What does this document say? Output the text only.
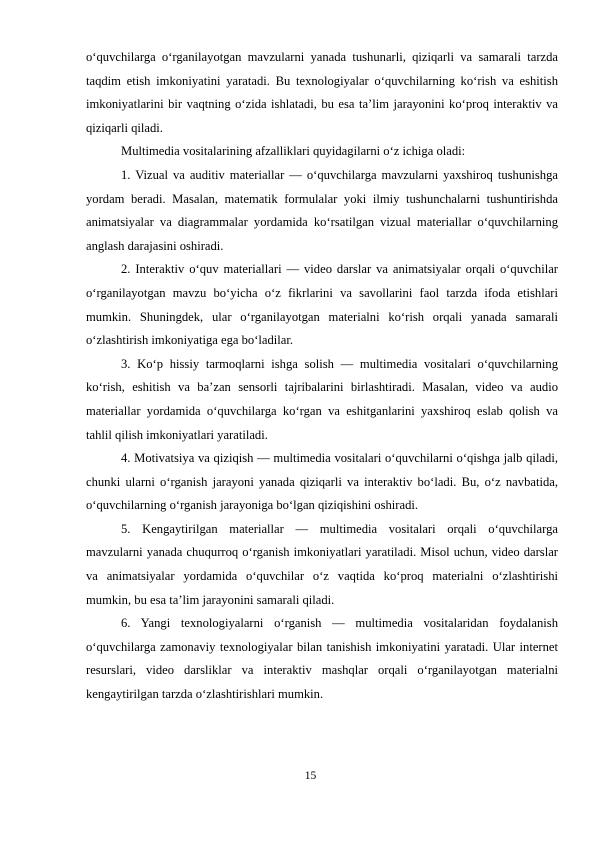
o‘quvchilarga o‘rganilayotgan mavzularni yanada tushunarli, qiziqarli va samarali tarzda taqdim etish imkoniyatini yaratadi. Bu texnologiyalar o‘quvchilarning ko‘rish va eshitish imkoniyatlarini bir vaqtning o‘zida ishlatadi, bu esa ta’lim jarayonini ko‘proq interaktiv va qiziqarli qiladi.

Multimedia vositalarining afzalliklari quyidagilarni o‘z ichiga oladi:

1. Vizual va auditiv materiallar — o‘quvchilarga mavzularni yaxshiroq tushunishga yordam beradi. Masalan, matematik formulalar yoki ilmiy tushunchalarni tushuntirishda animatsiyalar va diagrammalar yordamida ko‘rsatilgan vizual materiallar o‘quvchilarning anglash darajasini oshiradi.

2. Interaktiv o‘quv materiallari — video darslar va animatsiyalar orqali o‘quvchilar o‘rganilayotgan mavzu bo‘yicha o‘z fikrlarini va savollarini faol tarzda ifoda etishlari mumkin. Shuningdek, ular o‘rganilayotgan materialni ko‘rish orqali yanada samarali o‘zlashtirish imkoniyatiga ega bo‘ladilar.

3. Ko‘p hissiy tarmoqlarni ishga solish — multimedia vositalari o‘quvchilarning ko‘rish, eshitish va ba’zan sensorli tajribalarini birlashtiradi. Masalan, video va audio materiallar yordamida o‘quvchilarga ko‘rgan va eshitganlarini yaxshiroq eslab qolish va tahlil qilish imkoniyatlari yaratiladi.

4. Motivatsiya va qiziqish — multimedia vositalari o‘quvchilarni o‘qishga jalb qiladi, chunki ularni o‘rganish jarayoni yanada qiziqarli va interaktiv bo‘ladi. Bu, o‘z navbatida, o‘quvchilarning o‘rganish jarayoniga bo‘lgan qiziqishini oshiradi.

5. Kengaytirilgan materiallar — multimedia vositalari orqali o‘quvchilarga mavzularni yanada chuqurroq o‘rganish imkoniyatlari yaratiladi. Misol uchun, video darslar va animatsiyalar yordamida o‘quvchilar o‘z vaqtida ko‘proq materialni o‘zlashtirishi mumkin, bu esa ta’lim jarayonini samarali qiladi.

6. Yangi texnologiyalarni o‘rganish — multimedia vositalaridan foydalanish o‘quvchilarga zamonaviy texnologiyalar bilan tanishish imkoniyatini yaratadi. Ular internet resurslari, video darsliklar va interaktiv mashqlar orqali o‘rganilayotgan materialni kengaytirilgan tarzda o‘zlashtirishlari mumkin.

15
